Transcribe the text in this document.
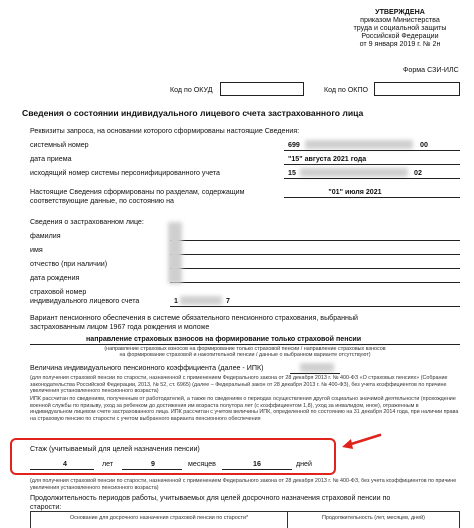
УТВЕРЖДЕНА
приказом Министерства
труда и социальной защиты
Российской Федерации
от 9 января 2019 г. № 2н
Форма СЗИ-ИЛС
Код по ОКУД	Код по ОКПО
Сведения о состоянии индивидуального лицевого счета застрахованного лица
Реквизиты запроса, на основании которого сформированы настоящие Сведения:
системный номер	699	00
дата приема	"15" августа 2021 года
исходящий номер системы персонифицированного учета	15	02
Настоящие Сведения сформированы по разделам, содержащим
соответствующие данные, по состоянию на
"01" июля 2021
Сведения о застрахованном лице:
фамилия
имя
отчество (при наличии)
дата рождения
страховой номер
индивидуального лицевого счета	1	7
Вариант пенсионного обеспечения в системе обязательного пенсионного страхования, выбранный
застрахованным лицом 1967 года рождения и моложе
направление страховых взносов на формирование только страховой пенсии
(направление страховых взносов на формирование только страховой пенсии / направление страховых взносов
на формирование страховой и накопительной пенсии / данные о выбранном варианте отсутствуют)
Величина индивидуального пенсионного коэффициента (далее - ИПК)
(для получения страховой пенсии по старости, назначенной с применением Федерального закона от 28 декабря 2013 г. № 400-ФЗ «О страховых пенсиях» (Собрание законодательства Российской Федерации, 2013, № 52, ст. 6965) (далее – Федеральный закон от 28 декабря 2013 г. № 400-ФЗ), без учета коэффициентов по причине увеличения установленного пенсионного возраста)
ИПК рассчитан по сведениям, полученным от работодателей, а также по сведениям о периодах осуществления другой социально значимой деятельности (прохождение военной службы по призыву, уход за ребенком до достижения им возраста полутора лет (с коэффициентом 1,8), уход за инвалидом, иное), отраженным в индивидуальном лицевом счете застрахованного лица. ИПК рассчитан с учетом величины ИПК, определенной по состоянию на 31 декабря 2014 года, при наличии права на страховую пенсию по старости с учетом выбранного варианта пенсионного обеспечения
Стаж (учитываемый для целей назначения пенсии)
4	лет	9	месяцев	16	дней
(для получения страховой пенсии по старости, назначенной с применением Федерального закона от 28 декабря 2013 г. № 400-ФЗ, без учета коэффициентов по причине увеличения установленного пенсионного возраста)
Продолжительность периодов работы, учитываемых для целей досрочного назначения страховой пенсии по
старости:
Основание для досрочного назначения страховой пенсии по старости*	Продолжительность (лет, месяцев, дней)
